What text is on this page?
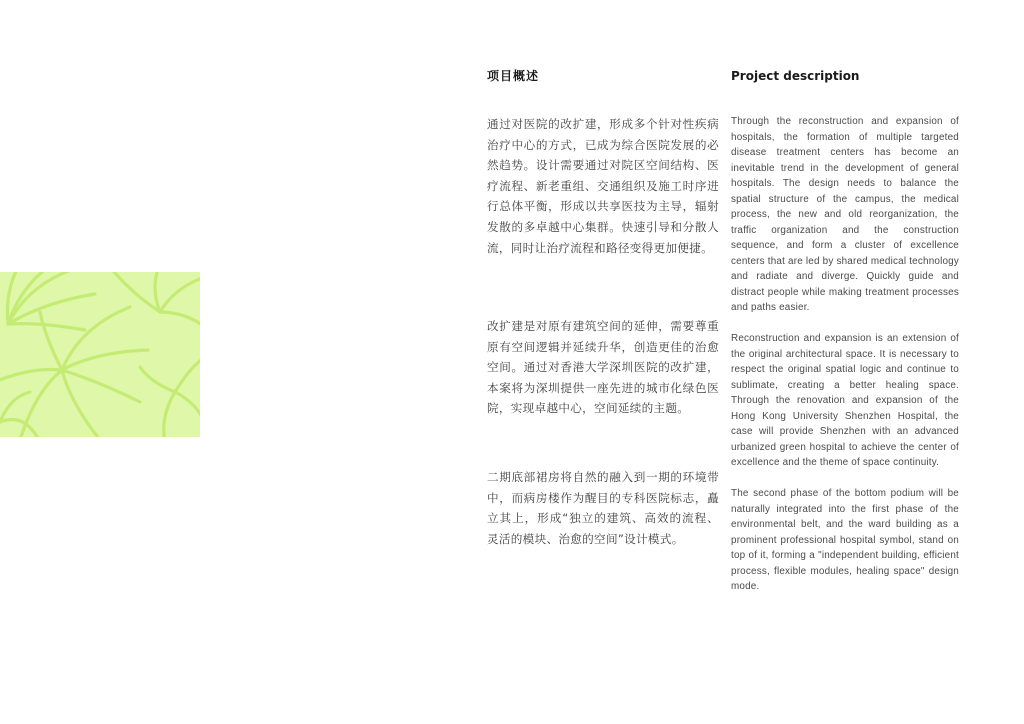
项目概述

通过对医院的改扩建，形成多个针对性疾病治疗中心的方式，已成为综合医院发展的必然趋势。设计需要通过对院区空间结构、医疗流程、新老重组、交通组织及施工时序进行总体平衡，形成以共享医技为主导，辐射发散的多卓越中心集群。快速引导和分散人流，同时让治疗流程和路径变得更加便捷。

改扩建是对原有建筑空间的延伸，需要尊重原有空间逻辑并延续升华，创造更佳的治愈空间。通过对香港大学深圳医院的改扩建，本案将为深圳提供一座先进的城市化绿色医院，实现卓越中心，空间延续的主题。

二期底部裙房将自然的融入到一期的环境带中，而病房楼作为醒目的专科医院标志，矗立其上，形成“独立的建筑、高效的流程、灵活的模块、治愈的空间”设计模式。

Project description

Through the reconstruction and expansion of hospitals, the formation of multiple targeted disease treatment centers has become an inevitable trend in the development of general hospitals. The design needs to balance the spatial structure of the campus, the medical process, the new and old reorganization, the traffic organization and the construction sequence, and form a cluster of excellence centers that are led by shared medical technology and radiate and diverge. Quickly guide and distract people while making treatment processes and paths easier.

Reconstruction and expansion is an extension of the original architectural space. It is necessary to respect the original spatial logic and continue to sublimate, creating a better healing space. Through the renovation and expansion of the Hong Kong University Shenzhen Hospital, the case will provide Shenzhen with an advanced urbanized green hospital to achieve the center of excellence and the theme of space continuity.

The second phase of the bottom podium will be naturally integrated into the first phase of the environmental belt, and the ward building as a prominent professional hospital symbol, stand on top of it, forming a "independent building, efficient process, flexible modules, healing space" design mode.
